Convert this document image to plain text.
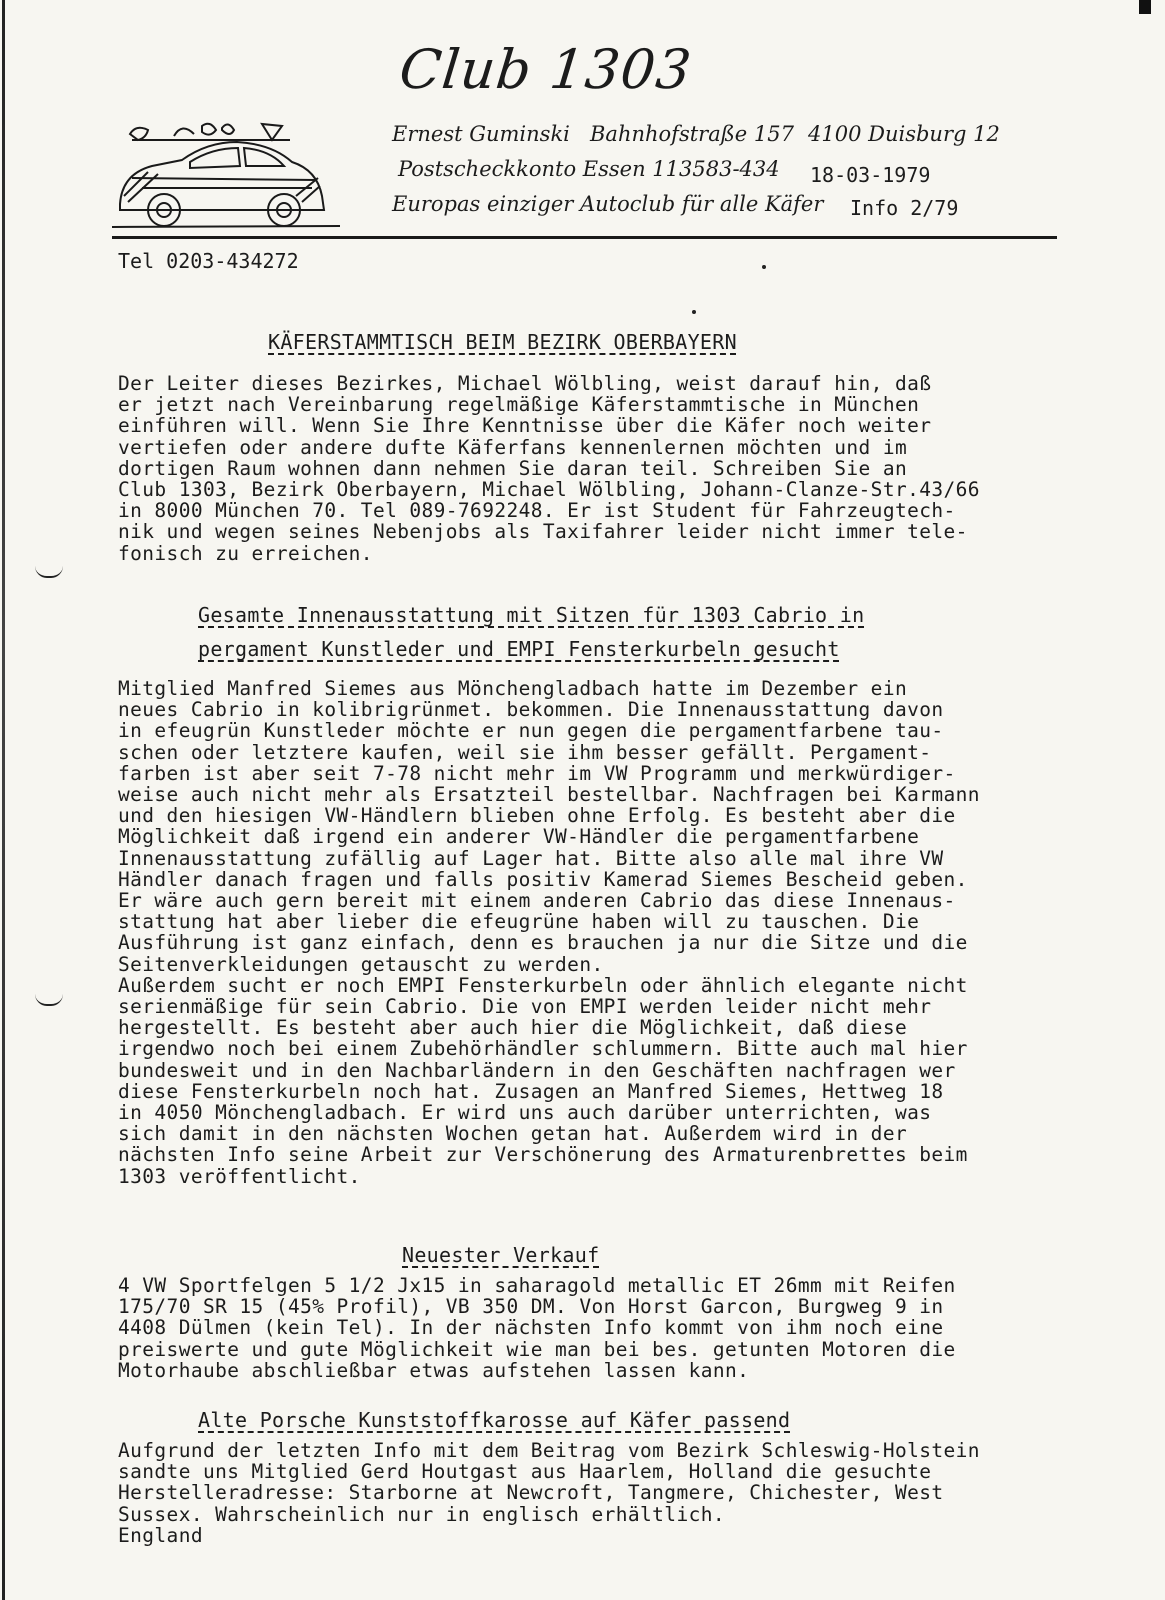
Club 1303
Ernest Guminski Bahnhofstraße 157 4100 Duisburg 12
Postscheckkonto Essen 113583-434 18-03-1979
Europas einziger Autoclub für alle Käfer Info 2/79
Tel 0203-434272
KÄFERSTAMMTISCH BEIM BEZIRK OBERBAYERN
Der Leiter dieses Bezirkes, Michael Wölbling, weist darauf hin, daß
er jetzt nach Vereinbarung regelmäßige Käferstammtische in München
einführen will. Wenn Sie Ihre Kenntnisse über die Käfer noch weiter
vertiefen oder andere dufte Käferfans kennenlernen möchten und im
dortigen Raum wohnen dann nehmen Sie daran teil. Schreiben Sie an
Club 1303, Bezirk Oberbayern, Michael Wölbling, Johann-Clanze-Str.43/66
in 8000 München 70. Tel 089-7692248. Er ist Student für Fahrzeugtech-
nik und wegen seines Nebenjobs als Taxifahrer leider nicht immer tele-
fonisch zu erreichen.
Gesamte Innenausstattung mit Sitzen für 1303 Cabrio in
pergament Kunstleder und EMPI Fensterkurbeln gesucht
Mitglied Manfred Siemes aus Mönchengladbach hatte im Dezember ein
neues Cabrio in kolibrigrünmet. bekommen. Die Innenausstattung davon
in efeugrün Kunstleder möchte er nun gegen die pergamentfarbene tau-
schen oder letztere kaufen, weil sie ihm besser gefällt. Pergament-
farben ist aber seit 7-78 nicht mehr im VW Programm und merkwürdiger-
weise auch nicht mehr als Ersatzteil bestellbar. Nachfragen bei Karmann
und den hiesigen VW-Händlern blieben ohne Erfolg. Es besteht aber die
Möglichkeit daß irgend ein anderer VW-Händler die pergamentfarbene
Innenausstattung zufällig auf Lager hat. Bitte also alle mal ihre VW
Händler danach fragen und falls positiv Kamerad Siemes Bescheid geben.
Er wäre auch gern bereit mit einem anderen Cabrio das diese Innenaus-
stattung hat aber lieber die efeugrüne haben will zu tauschen. Die
Ausführung ist ganz einfach, denn es brauchen ja nur die Sitze und die
Seitenverkleidungen getauscht zu werden.
Außerdem sucht er noch EMPI Fensterkurbeln oder ähnlich elegante nicht
serienmäßige für sein Cabrio. Die von EMPI werden leider nicht mehr
hergestellt. Es besteht aber auch hier die Möglichkeit, daß diese
irgendwo noch bei einem Zubehörhändler schlummern. Bitte auch mal hier
bundesweit und in den Nachbarländern in den Geschäften nachfragen wer
diese Fensterkurbeln noch hat. Zusagen an Manfred Siemes, Hettweg 18
in 4050 Mönchengladbach. Er wird uns auch darüber unterrichten, was
sich damit in den nächsten Wochen getan hat. Außerdem wird in der
nächsten Info seine Arbeit zur Verschönerung des Armaturenbrettes beim
1303 veröffentlicht.
Neuester Verkauf
4 VW Sportfelgen 5 1/2 Jx15 in saharagold metallic ET 26mm mit Reifen
175/70 SR 15 (45% Profil), VB 350 DM. Von Horst Garcon, Burgweg 9 in
4408 Dülmen (kein Tel). In der nächsten Info kommt von ihm noch eine
preiswerte und gute Möglichkeit wie man bei bes. getunten Motoren die
Motorhaube abschließbar etwas aufstehen lassen kann.
Alte Porsche Kunststoffkarosse auf Käfer passend
Aufgrund der letzten Info mit dem Beitrag vom Bezirk Schleswig-Holstein
sandte uns Mitglied Gerd Houtgast aus Haarlem, Holland die gesuchte
Herstelleradresse: Starborne at Newcroft, Tangmere, Chichester, West
Sussex. Wahrscheinlich nur in englisch erhältlich.
England
